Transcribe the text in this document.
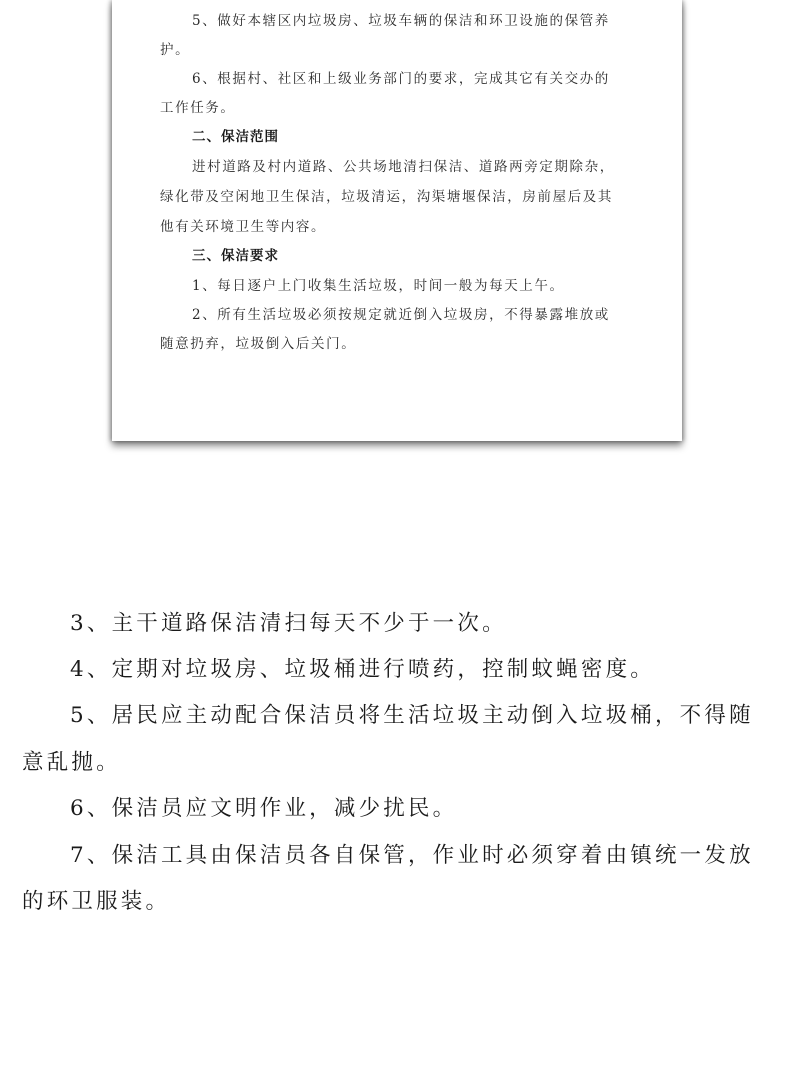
5、做好本辖区内垃圾房、垃圾车辆的保洁和环卫设施的保管养
护。
6、根据村、社区和上级业务部门的要求，完成其它有关交办的
工作任务。
二、保洁范围
进村道路及村内道路、公共场地清扫保洁、道路两旁定期除杂，
绿化带及空闲地卫生保洁，垃圾清运，沟渠塘堰保洁，房前屋后及其
他有关环境卫生等内容。
三、保洁要求
1、每日逐户上门收集生活垃圾，时间一般为每天上午。
2、所有生活垃圾必须按规定就近倒入垃圾房，不得暴露堆放或
随意扔弃，垃圾倒入后关门。
3、主干道路保洁清扫每天不少于一次。
4、定期对垃圾房、垃圾桶进行喷药，控制蚊蝇密度。
5、居民应主动配合保洁员将生活垃圾主动倒入垃圾桶，不得随
意乱抛。
6、保洁员应文明作业，减少扰民。
7、保洁工具由保洁员各自保管，作业时必须穿着由镇统一发放
的环卫服装。
